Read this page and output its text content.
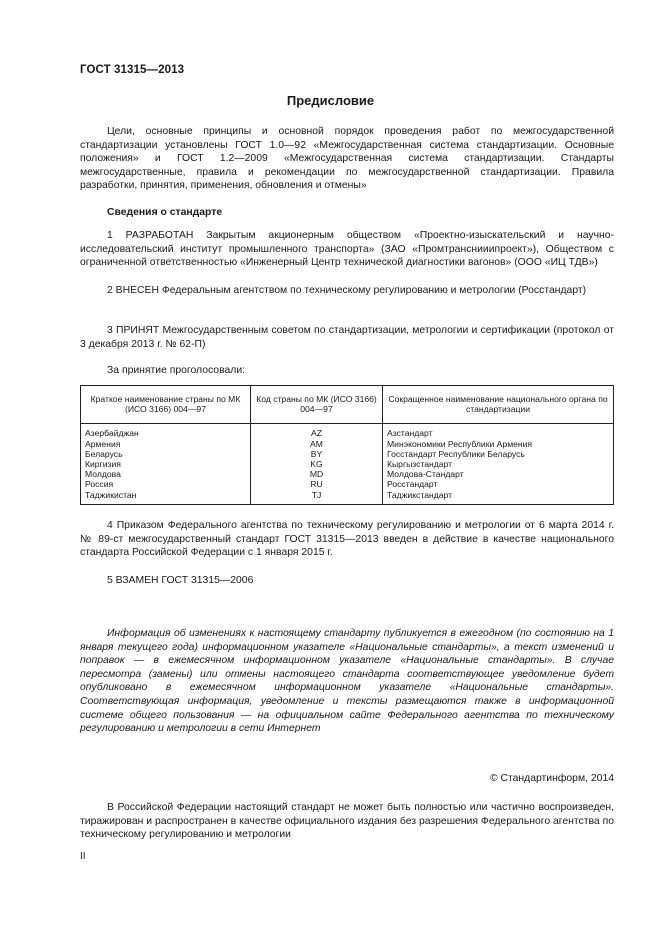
ГОСТ 31315—2013
Предисловие
Цели, основные принципы и основной порядок проведения работ по межгосударственной стандартизации установлены ГОСТ 1.0—92 «Межгосударственная система стандартизации. Основные положения» и ГОСТ 1.2—2009 «Межгосударственная система стандартизации. Стандарты межгосударственные, правила и рекомендации по межгосударственной стандартизации. Правила разработки, принятия, применения, обновления и отмены»
Сведения о стандарте
1 РАЗРАБОТАН Закрытым акционерным обществом «Проектно-изыскательский и научно-исследовательский институт промышленного транспорта» (ЗАО «Промтранснииипроект»), Обществом с ограниченной ответственностью «Инженерный Центр технической диагностики вагонов» (ООО «ИЦ ТДВ»)
2 ВНЕСЕН Федеральным агентством по техническому регулированию и метрологии (Росстандарт)
3 ПРИНЯТ Межгосударственным советом по стандартизации, метрологии и сертификации (протокол от 3 декабря 2013 г. № 62-П)
За принятие проголосовали:
Краткое наименование страны по МК (ИСО 3166) 004—97	Код страны по МК (ИСО 3166) 004—97	Сокращенное наименование национального органа по стандартизации
Азербайджан	AZ	Азстандарт
Армения	AM	Минэкономики Республики Армения
Беларусь	BY	Госстандарт Республики Беларусь
Киргизия	KG	Кыргызстандарт
Молдова	MD	Молдова-Стандарт
Россия	RU	Росстандарт
Таджикистан	TJ	Таджикстандарт
4 Приказом Федерального агентства по техническому регулированию и метрологии от 6 марта 2014 г. № 89-ст межгосударственный стандарт ГОСТ 31315—2013 введен в действие в качестве национального стандарта Российской Федерации с 1 января 2015 г.
5 ВЗАМЕН ГОСТ 31315—2006
Информация об изменениях к настоящему стандарту публикуется в ежегодном (по состоянию на 1 января текущего года) информационном указателе «Национальные стандарты», а текст изменений и поправок — в ежемесячном информационном указателе «Национальные стандарты». В случае пересмотра (замены) или отмены настоящего стандарта соответствующее уведомление будет опубликовано в ежемесячном информационном указателе «Национальные стандарты». Соответствующая информация, уведомление и тексты размещаются также в информационной системе общего пользования — на официальном сайте Федерального агентства по техническому регулированию и метрологии в сети Интернет
© Стандартинформ, 2014
В Российской Федерации настоящий стандарт не может быть полностью или частично воспроизведен, тиражирован и распространен в качестве официального издания без разрешения Федерального агентства по техническому регулированию и метрологии
II
